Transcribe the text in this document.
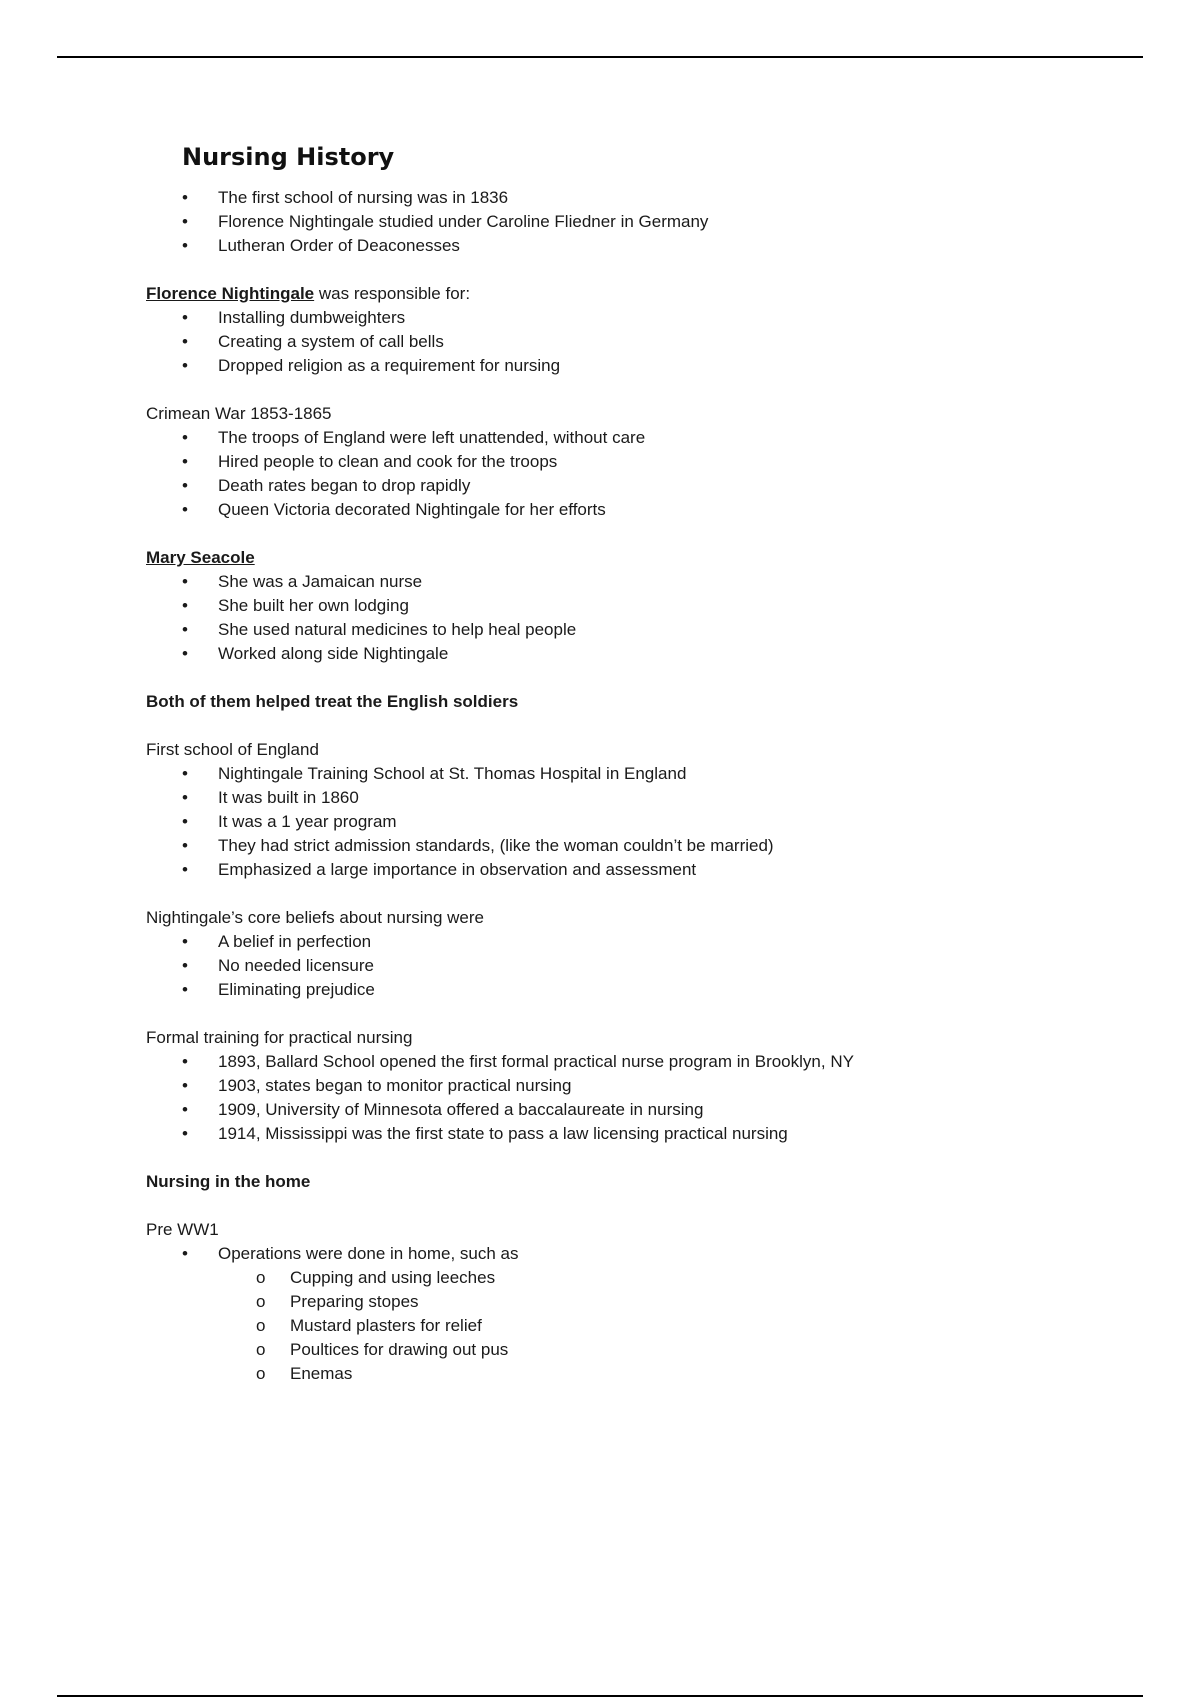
Nursing History
• The first school of nursing was in 1836
• Florence Nightingale studied under Caroline Fliedner in Germany
• Lutheran Order of Deaconesses

Florence Nightingale was responsible for:

• Installing dumbweighters
• Creating a system of call bells
• Dropped religion as a requirement for nursing

Crimean War 1853-1865

• The troops of England were left unattended, without care
• Hired people to clean and cook for the troops
• Death rates began to drop rapidly
• Queen Victoria decorated Nightingale for her efforts

Mary Seacole

• She was a Jamaican nurse
• She built her own lodging
• She used natural medicines to help heal people
• Worked along side Nightingale

Both of them helped treat the English soldiers

First school of England

• Nightingale Training School at St. Thomas Hospital in England
• It was built in 1860
• It was a 1 year program
• They had strict admission standards, (like the woman couldn’t be married)
• Emphasized a large importance in observation and assessment

Nightingale’s core beliefs about nursing were

• A belief in perfection
• No needed licensure
• Eliminating prejudice

Formal training for practical nursing

• 1893, Ballard School opened the first formal practical nurse program in Brooklyn, NY
• 1903, states began to monitor practical nursing
• 1909, University of Minnesota offered a baccalaureate in nursing
• 1914, Mississippi was the first state to pass a law licensing practical nursing

Nursing in the home

Pre WW1

• Operations were done in home, such as
o Cupping and using leeches
o Preparing stopes
o Mustard plasters for relief
o Poultices for drawing out pus
o Enemas
